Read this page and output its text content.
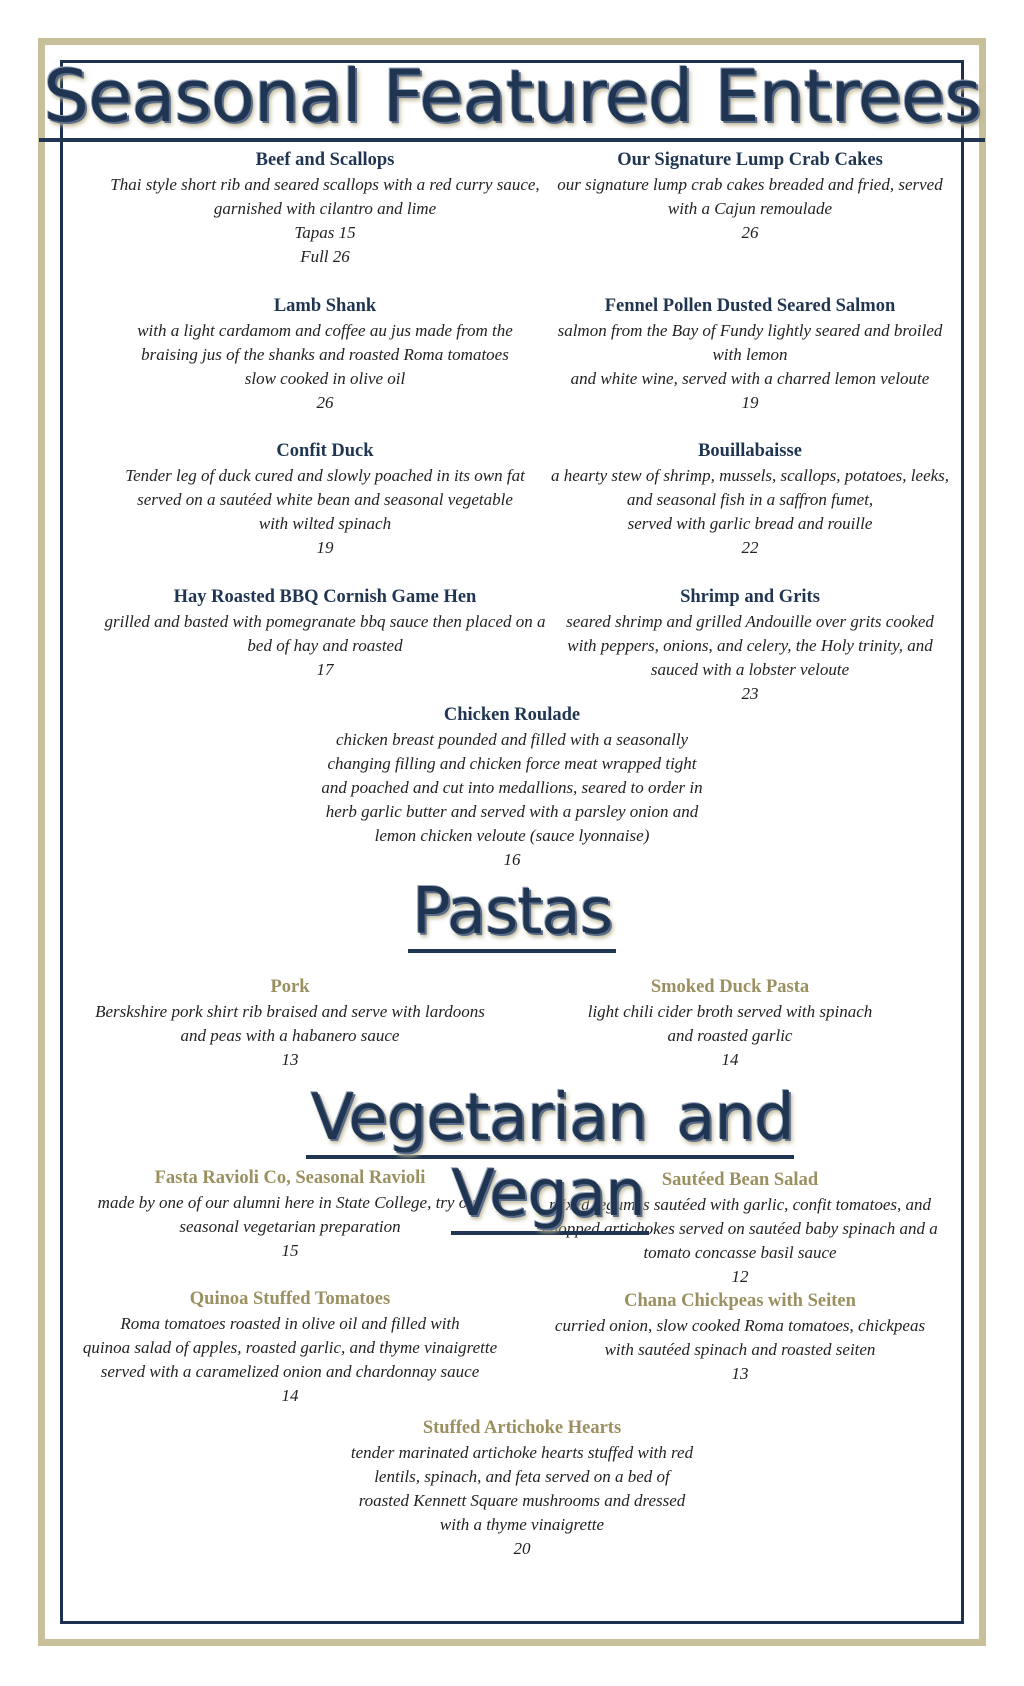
Seasonal Featured Entrees
Beef and Scallops
Thai style short rib and seared scallops with a red curry sauce,
garnished with cilantro and lime
Tapas 15
Full 26
Our Signature Lump Crab Cakes
our signature lump crab cakes breaded and fried, served
with a Cajun remoulade
26
Lamb Shank
with a light cardamom and coffee au jus made from the
braising jus of the shanks and roasted Roma tomatoes
slow cooked in olive oil
26
Fennel Pollen Dusted Seared Salmon
salmon from the Bay of Fundy lightly seared and broiled
with lemon
and white wine, served with a charred lemon veloute
19
Confit Duck
Tender leg of duck cured and slowly poached in its own fat
served on a sautéed white bean and seasonal vegetable
with wilted spinach
19
Bouillabaisse
a hearty stew of shrimp, mussels, scallops, potatoes, leeks,
and seasonal fish in a saffron fumet,
served with garlic bread and rouille
22
Hay Roasted BBQ Cornish Game Hen
grilled and basted with pomegranate bbq sauce then placed on a
bed of hay and roasted
17
Shrimp and Grits
seared shrimp and grilled Andouille over grits cooked
with peppers, onions, and celery, the Holy trinity, and
sauced with a lobster veloute
23
Chicken Roulade
chicken breast pounded and filled with a seasonally
changing filling and chicken force meat wrapped tight
and poached and cut into medallions, seared to order in
herb garlic butter and served with a parsley onion and
lemon chicken veloute (sauce lyonnaise)
16
Pastas
Pork
Berskshire pork shirt rib braised and serve with lardoons
and peas with a habanero sauce
13
Smoked Duck Pasta
light chili cider broth served with spinach
and roasted garlic
14
Fasta Ravioli Co, Seasonal Ravioli
made by one of our alumni here in State College, try our
seasonal vegetarian preparation
15
Sautéed Bean Salad
mixed legumes sautéed with garlic, confit tomatoes, and
chopped artichokes served on sautéed baby spinach and a
tomato concasse basil sauce
12
Quinoa Stuffed Tomatoes
Roma tomatoes roasted in olive oil and filled with
quinoa salad of apples, roasted garlic, and thyme vinaigrette
served with a caramelized onion and chardonnay sauce
14
Chana Chickpeas with Seiten
curried onion, slow cooked Roma tomatoes, chickpeas
with sautéed spinach and roasted seiten
13
Stuffed Artichoke Hearts
tender marinated artichoke hearts stuffed with red
lentils, spinach, and feta served on a bed of
roasted Kennett Square mushrooms and dressed
with a thyme vinaigrette
20
Vegetarian and Vegan
